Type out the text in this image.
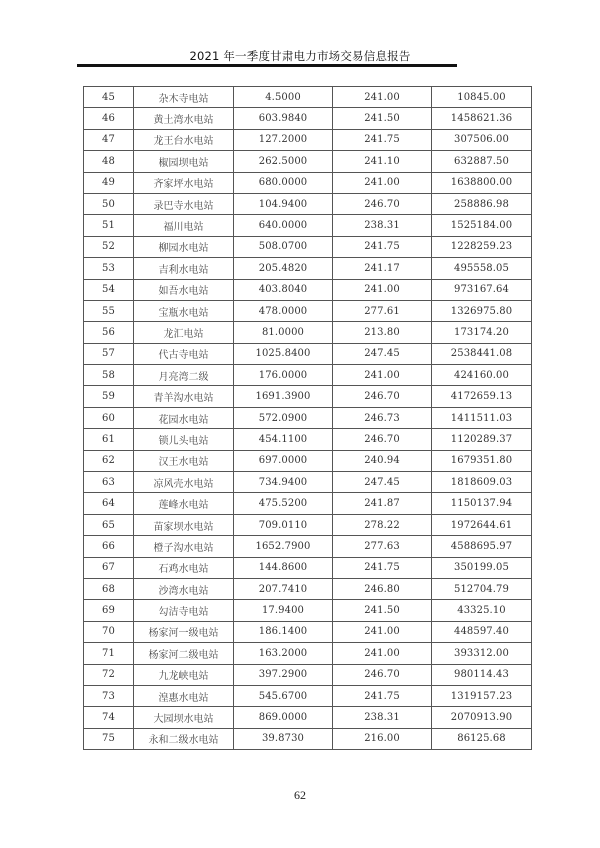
2021 年一季度甘肃电力市场交易信息报告
45	杂木寺电站	4.5000	241.00	10845.00
46	黄土湾水电站	603.9840	241.50	1458621.36
47	龙王台水电站	127.2000	241.75	307506.00
48	椒园坝电站	262.5000	241.10	632887.50
49	齐家坪水电站	680.0000	241.00	1638800.00
50	录巴寺水电站	104.9400	246.70	258886.98
51	福川电站	640.0000	238.31	1525184.00
52	柳园水电站	508.0700	241.75	1228259.23
53	吉利水电站	205.4820	241.17	495558.05
54	如吾水电站	403.8040	241.00	973167.64
55	宝瓶水电站	478.0000	277.61	1326975.80
56	龙汇电站	81.0000	213.80	173174.20
57	代古寺电站	1025.8400	247.45	2538441.08
58	月亮湾二级	176.0000	241.00	424160.00
59	青羊沟水电站	1691.3900	246.70	4172659.13
60	花园水电站	572.0900	246.73	1411511.03
61	锁儿头电站	454.1100	246.70	1120289.37
62	汉王水电站	697.0000	240.94	1679351.80
63	凉风壳水电站	734.9400	247.45	1818609.03
64	莲峰水电站	475.5200	241.87	1150137.94
65	苗家坝水电站	709.0110	278.22	1972644.61
66	橙子沟水电站	1652.7900	277.63	4588695.97
67	石鸡水电站	144.8600	241.75	350199.05
68	沙湾水电站	207.7410	246.80	512704.79
69	勾洁寺电站	17.9400	241.50	43325.10
70	杨家河一级电站	186.1400	241.00	448597.40
71	杨家河二级电站	163.2000	241.00	393312.00
72	九龙峡电站	397.2900	246.70	980114.43
73	湟惠水电站	545.6700	241.75	1319157.23
74	大园坝水电站	869.0000	238.31	2070913.90
75	永和二级水电站	39.8730	216.00	86125.68
62
